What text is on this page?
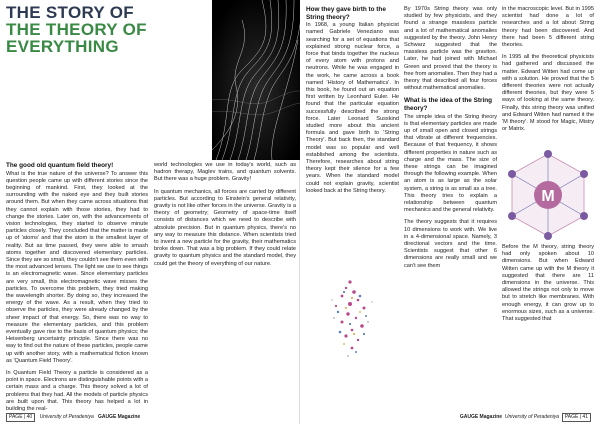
THE STORY OF
THE THEORY OF EVERYTHING
The good old quantum field theory!

What is the true nature of the universe? To answer this question people came up with different stories since the beginning of mankind. First, they looked at the surrounding with the naked eye and they built stories around them. But when they came across situations that they cannot explain with those stories, they had to change the stories. Later on, with the advancements of vision technologies, they started to observe minute particles closely. They concluded that the matter is made up of 'atoms' and that the atom is the smallest layer of reality. But as time passed, they were able to smash atoms together and discovered elementary particles. Since they are so small, they couldn't see them even with the most advanced lenses. The light we use to see things is an electromagnetic wave. Since elementary particles are very small, this electromagnetic wave misses the particles. To overcome this problem, they tried making the wavelength shorter. By doing so, they increased the energy of the wave. As a result, when they tried to observe the particles, they were already changed by the sheer impact of that energy. So, there was no way to measure the elementary particles, and this problem eventually gave rise to the basis of quantum physics; the Heisenberg uncertainty principle. Since there was no way to find out the nature of these particles, people came up with another story, with a mathematical fiction known as 'Quantum Field Theory'.

In Quantum Field Theory a particle is considered as a point in space. Electrons are distinguishable points with a certain mass and a charge. This theory solved a lot of problems that they had. All the models of particle physics are built upon that. This theory has helped a lot in building the real-

world technologies we use in today's world, such as hadron therapy, Maglev trains, and quantum solvents. But there was a huge problem. Gravity!

In quantum mechanics, all forces are carried by different particles. But according to Einstein's general relativity, gravity is not like other forces in the universe. Gravity is a theory of geometry; Geometry of space-time itself consists of distances which we need to describe with absolute precision. But in quantum physics, there's no any way to measure this distance. When scientists tried to invent a new particle for the gravity, their mathematics broke down. That was a big problem. If they could relate gravity to quantum physics and the standard model, they could get the theory of everything of our nature.

PAGE | 40 University of Peradeniya GAUGE Magazine
How they gave birth to the String theory?

In 1968, a young Italian physicist named Gabriele Veneziano was searching for a set of equations that explained strong nuclear force, a force that binds together the nucleus of every atom with protons and neutrons. While he was engaged in the work, he came across a book named 'History of Mathematics'. In this book, he found out an equation first written by Leonhard Euler. He found that the particular equation successfully described the strong force. Later Leonard Susskind studied more about this ancient formula and gave birth to 'String Theory'. But back then, the standard model was so popular and well established among the scientists. Therefore, researches about string theory kept their silence for a few years. When the standard model could not explain gravity, scientist looked back at the String theory.

By 1970s String theory was only studied by few physicists, and they found a strange massless particle and a lot of mathematical anomalies suggested by the theory. John Henry Schwarz suggested that the massless particle was the graviton. Later, he had joined with Michael Green and proved that the theory is free from anomalies. Then they had a theory that described all four forces without mathematical anomalies.

What is the idea of the String theory?

The simple idea of the String theory is that elementary particles are made up of small open and closed strings that vibrate at different frequencies. Because of that frequency, it shows different properties in nature such as charge and the mass. The size of these strings can be imagined through the following example. When an atom is as large as the solar system, a string is as small as a tree. This theory tries to explain a relationship between quantum mechanics and the general relativity.

The theory suggests that it requires 10 dimensions to work with. We live in a 4-dimensional space. Namely, 3 directional vectors and the time. Scientists suggest that other 6 dimensions are really small and we can't see them

in the macroscopic level. But in 1995 scientist had done a lot of researches and a lot about String theory had been discovered. And there had been 5 different string theories.

In 1995 all the theoretical physicists had gathered and discussed the matter. Edward Witten had come up with a solution. He proved that the 5 different theories were not actually different theories, but they were 5 ways of looking at the same theory. Finally, this string theory was unified and Edward Witten had named it the 'M theory'. M stood for Magic, Mistry or Matrix.

M

Before the M theory, string theory had only spoken about 10 dimensions. But when Edward Witten came up with the M theory it suggested that there are 11 dimensions in the universe. This allowed the strings not only to move but to stretch like membranes. With enough energy, it can grow up to enormous sizes, such as a universe. That suggested that

GAUGE Magazine University of Peradeniya PAGE | 41
